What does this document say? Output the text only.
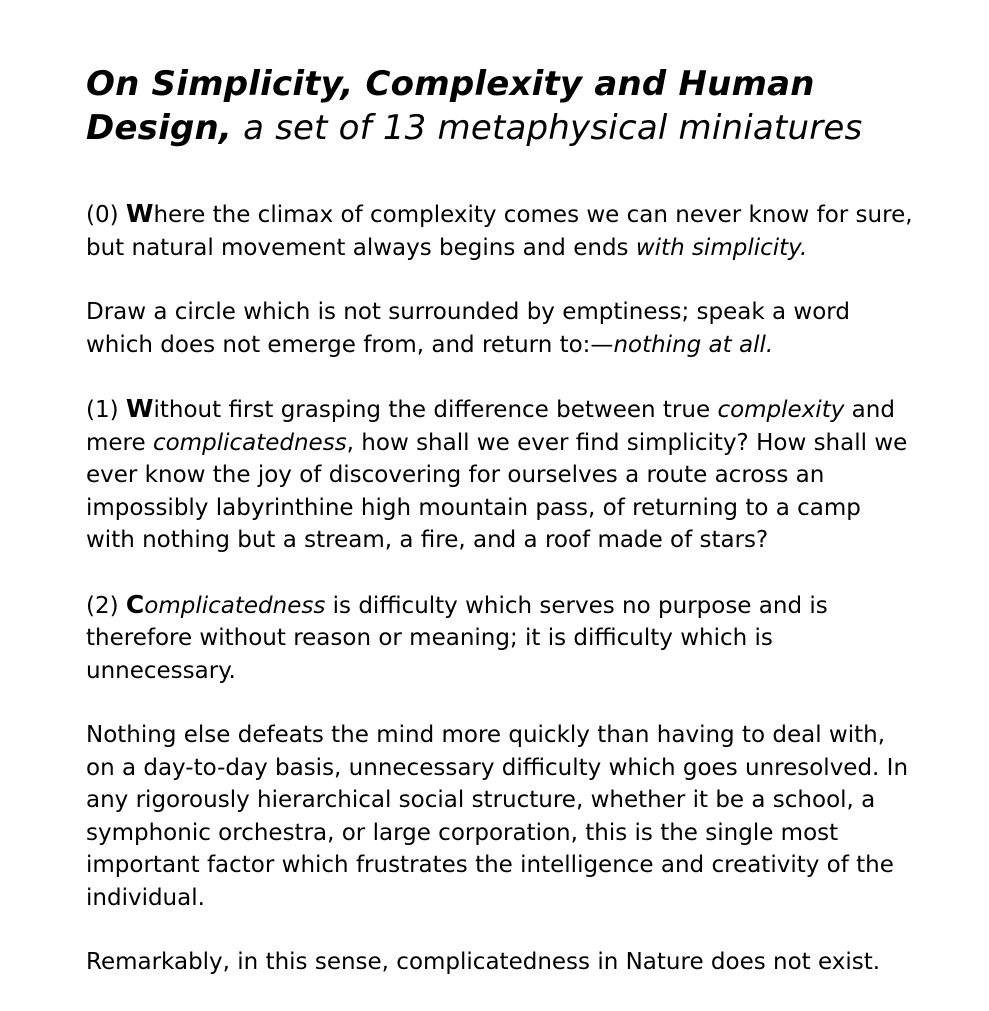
On Simplicity, Complexity and Human Design, a set of 13 metaphysical miniatures

(0) Where the climax of complexity comes we can never know for sure, but natural movement always begins and ends with simplicity.

Draw a circle which is not surrounded by emptiness; speak a word which does not emerge from, and return to:—nothing at all.

(1) Without first grasping the difference between true complexity and mere complicatedness, how shall we ever find simplicity? How shall we ever know the joy of discovering for ourselves a route across an impossibly labyrinthine high mountain pass, of returning to a camp with nothing but a stream, a fire, and a roof made of stars?

(2) Complicatedness is difficulty which serves no purpose and is therefore without reason or meaning; it is difficulty which is unnecessary.

Nothing else defeats the mind more quickly than having to deal with, on a day-to-day basis, unnecessary difficulty which goes unresolved. In any rigorously hierarchical social structure, whether it be a school, a symphonic orchestra, or large corporation, this is the single most important factor which frustrates the intelligence and creativity of the individual.

Remarkably, in this sense, complicatedness in Nature does not exist.
